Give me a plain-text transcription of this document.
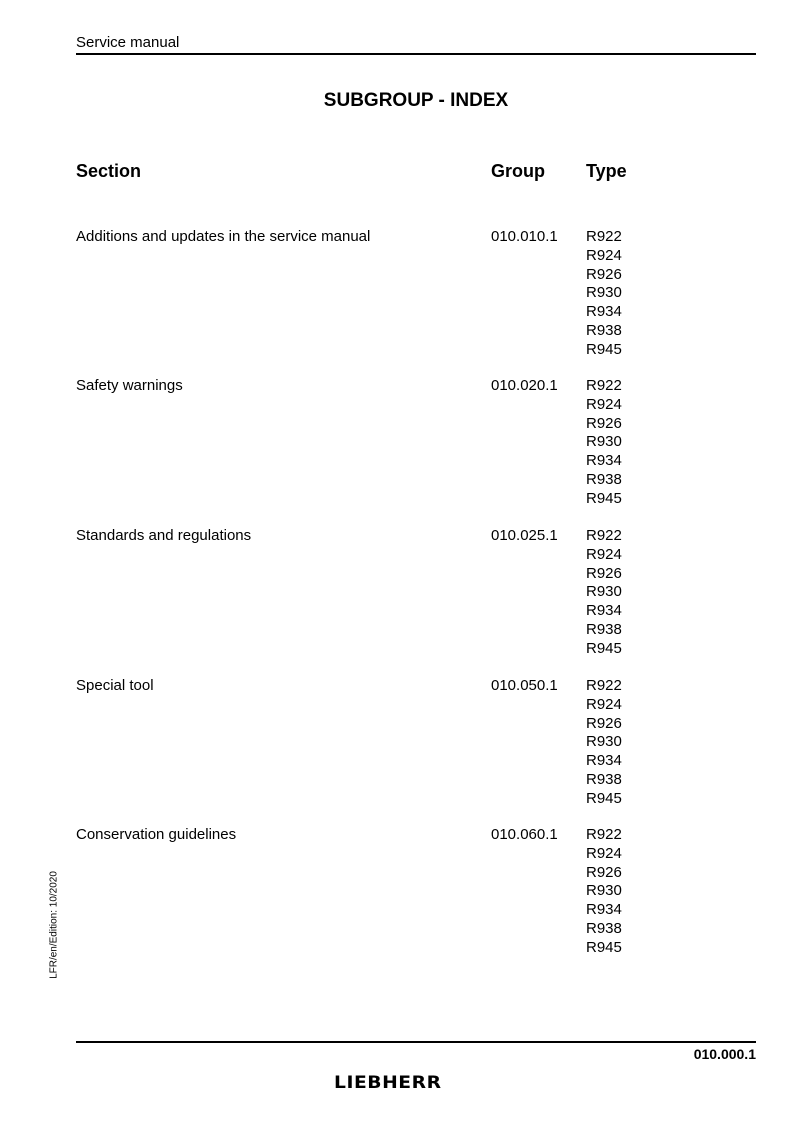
Service manual
SUBGROUP - INDEX
Section	Group Type
Additions and updates in the service manual	010.010.1 R922
R924
R926
R930
R934
R938
R945
Safety warnings	010.020.1 R922
R924
R926
R930
R934
R938
R945
Standards and regulations	010.025.1 R922
R924
R926
R930
R934
R938
R945
Special tool	010.050.1 R922
R924
R926
R930
R934
R938
R945
Conservation guidelines	010.060.1 R922
R924
R926
R930
R934
R938
R945
LFR/en/Edition: 10/2020
010.000.1
LIEBHERR
